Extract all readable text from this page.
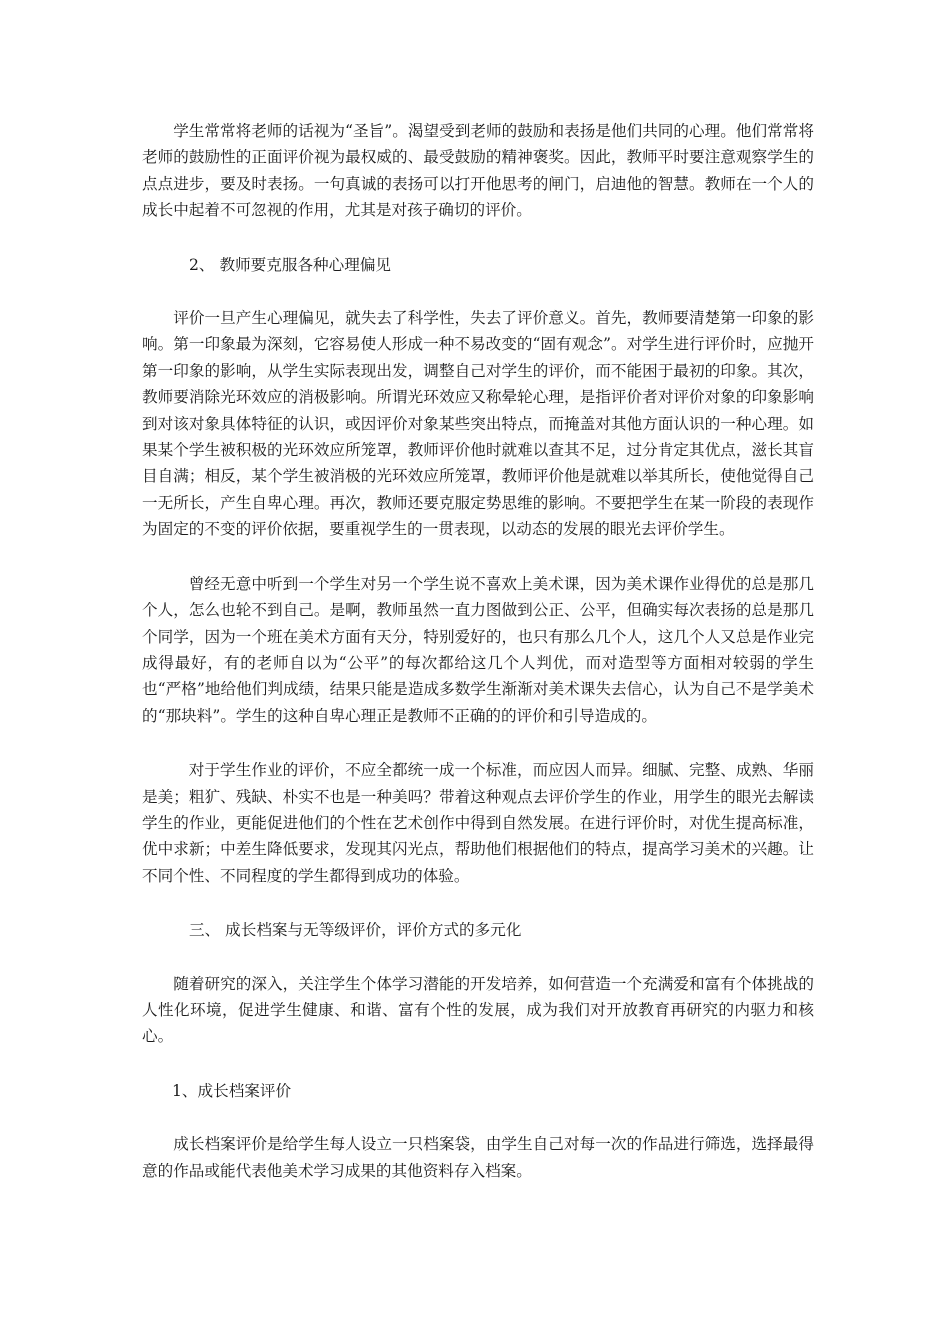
学生常常将老师的话视为“圣旨”。渴望受到老师的鼓励和表扬是他们共同的心理。他们常常将老师的鼓励性的正面评价视为最权威的、最受鼓励的精神褒奖。因此，教师平时要注意观察学生的点点进步，要及时表扬。一句真诚的表扬可以打开他思考的闸门，启迪他的智慧。教师在一个人的成长中起着不可忽视的作用，尤其是对孩子确切的评价。

2、 教师要克服各种心理偏见

评价一旦产生心理偏见，就失去了科学性，失去了评价意义。首先，教师要清楚第一印象的影响。第一印象最为深刻，它容易使人形成一种不易改变的“固有观念”。对学生进行评价时，应抛开第一印象的影响，从学生实际表现出发，调整自己对学生的评价，而不能困于最初的印象。其次，教师要消除光环效应的消极影响。所谓光环效应又称晕轮心理，是指评价者对评价对象的印象影响到对该对象具体特征的认识，或因评价对象某些突出特点，而掩盖对其他方面认识的一种心理。如果某个学生被积极的光环效应所笼罩，教师评价他时就难以查其不足，过分肯定其优点，滋长其盲目自满；相反，某个学生被消极的光环效应所笼罩，教师评价他是就难以举其所长，使他觉得自己一无所长，产生自卑心理。再次，教师还要克服定势思维的影响。不要把学生在某一阶段的表现作为固定的不变的评价依据，要重视学生的一贯表现，以动态的发展的眼光去评价学生。

曾经无意中听到一个学生对另一个学生说不喜欢上美术课，因为美术课作业得优的总是那几个人，怎么也轮不到自己。是啊，教师虽然一直力图做到公正、公平，但确实每次表扬的总是那几个同学，因为一个班在美术方面有天分，特别爱好的，也只有那么几个人，这几个人又总是作业完成得最好，有的老师自以为“公平”的每次都给这几个人判优，而对造型等方面相对较弱的学生也“严格”地给他们判成绩，结果只能是造成多数学生渐渐对美术课失去信心，认为自己不是学美术的“那块料”。学生的这种自卑心理正是教师不正确的的评价和引导造成的。

对于学生作业的评价，不应全都统一成一个标准，而应因人而异。细腻、完整、成熟、华丽是美；粗犷、残缺、朴实不也是一种美吗？带着这种观点去评价学生的作业，用学生的眼光去解读学生的作业，更能促进他们的个性在艺术创作中得到自然发展。在进行评价时，对优生提高标准，优中求新；中差生降低要求，发现其闪光点，帮助他们根据他们的特点，提高学习美术的兴趣。让不同个性、不同程度的学生都得到成功的体验。

三、 成长档案与无等级评价，评价方式的多元化

随着研究的深入，关注学生个体学习潜能的开发培养，如何营造一个充满爱和富有个体挑战的人性化环境，促进学生健康、和谐、富有个性的发展，成为我们对开放教育再研究的内驱力和核心。

1、成长档案评价

成长档案评价是给学生每人设立一只档案袋，由学生自己对每一次的作品进行筛选，选择最得意的作品或能代表他美术学习成果的其他资料存入档案。
